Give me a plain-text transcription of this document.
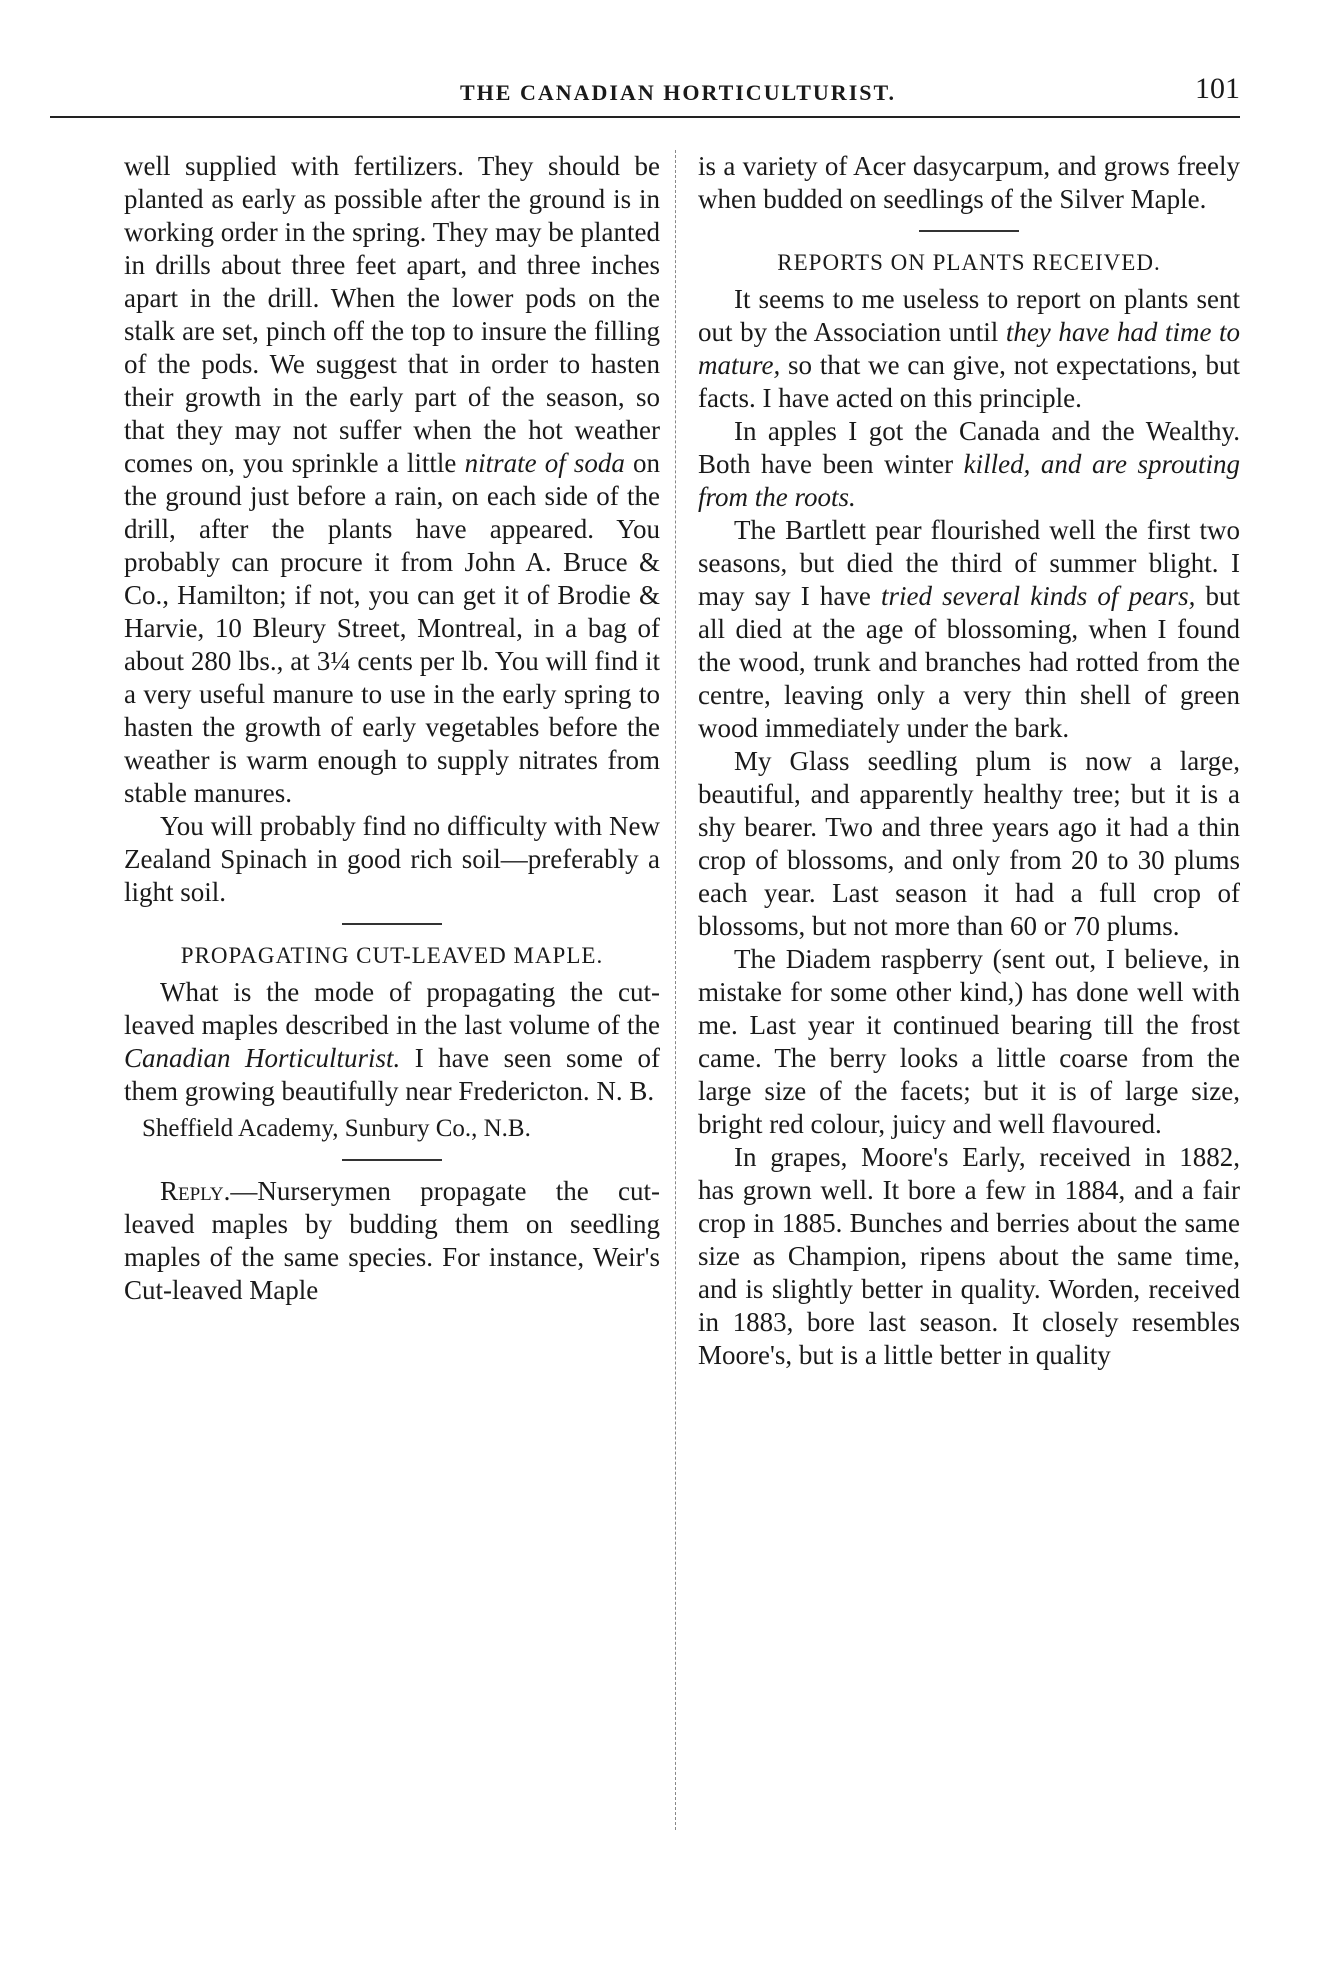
THE CANADIAN HORTICULTURIST.	101

well supplied with fertilizers. They should be planted as early as possible after the ground is in working order in the spring. They may be planted in drills about three feet apart, and three inches apart in the drill. When the lower pods on the stalk are set, pinch off the top to insure the filling of the pods. We suggest that in order to hasten their growth in the early part of the season, so that they may not suffer when the hot weather comes on, you sprinkle a little nitrate of soda on the ground just before a rain, on each side of the drill, after the plants have appeared. You probably can procure it from John A. Bruce & Co., Hamilton; if not, you can get it of Brodie & Harvie, 10 Bleury Street, Montreal, in a bag of about 280 lbs., at 3¼ cents per lb. You will find it a very useful manure to use in the early spring to hasten the growth of early vegetables before the weather is warm enough to supply nitrates from stable manures.

You will probably find no difficulty with New Zealand Spinach in good rich soil—preferably a light soil.

PROPAGATING CUT-LEAVED MAPLE.

What is the mode of propagating the cut-leaved maples described in the last volume of the Canadian Horticulturist. I have seen some of them growing beautifully near Fredericton. N. B.

Sheffield Academy, Sunbury Co., N.B.

Reply.—Nurserymen propagate the cut-leaved maples by budding them on seedling maples of the same species. For instance, Weir's Cut-leaved Maple

is a variety of Acer dasycarpum, and grows freely when budded on seedlings of the Silver Maple.

REPORTS ON PLANTS RECEIVED.

It seems to me useless to report on plants sent out by the Association until they have had time to mature, so that we can give, not expectations, but facts. I have acted on this principle.

In apples I got the Canada and the Wealthy. Both have been winter killed, and are sprouting from the roots.

The Bartlett pear flourished well the first two seasons, but died the third of summer blight. I may say I have tried several kinds of pears, but all died at the age of blossoming, when I found the wood, trunk and branches had rotted from the centre, leaving only a very thin shell of green wood immediately under the bark.

My Glass seedling plum is now a large, beautiful, and apparently healthy tree; but it is a shy bearer. Two and three years ago it had a thin crop of blossoms, and only from 20 to 30 plums each year. Last season it had a full crop of blossoms, but not more than 60 or 70 plums.

The Diadem raspberry (sent out, I believe, in mistake for some other kind,) has done well with me. Last year it continued bearing till the frost came. The berry looks a little coarse from the large size of the facets; but it is of large size, bright red colour, juicy and well flavoured.

In grapes, Moore's Early, received in 1882, has grown well. It bore a few in 1884, and a fair crop in 1885. Bunches and berries about the same size as Champion, ripens about the same time, and is slightly better in quality. Worden, received in 1883, bore last season. It closely resembles Moore's, but is a little better in quality
